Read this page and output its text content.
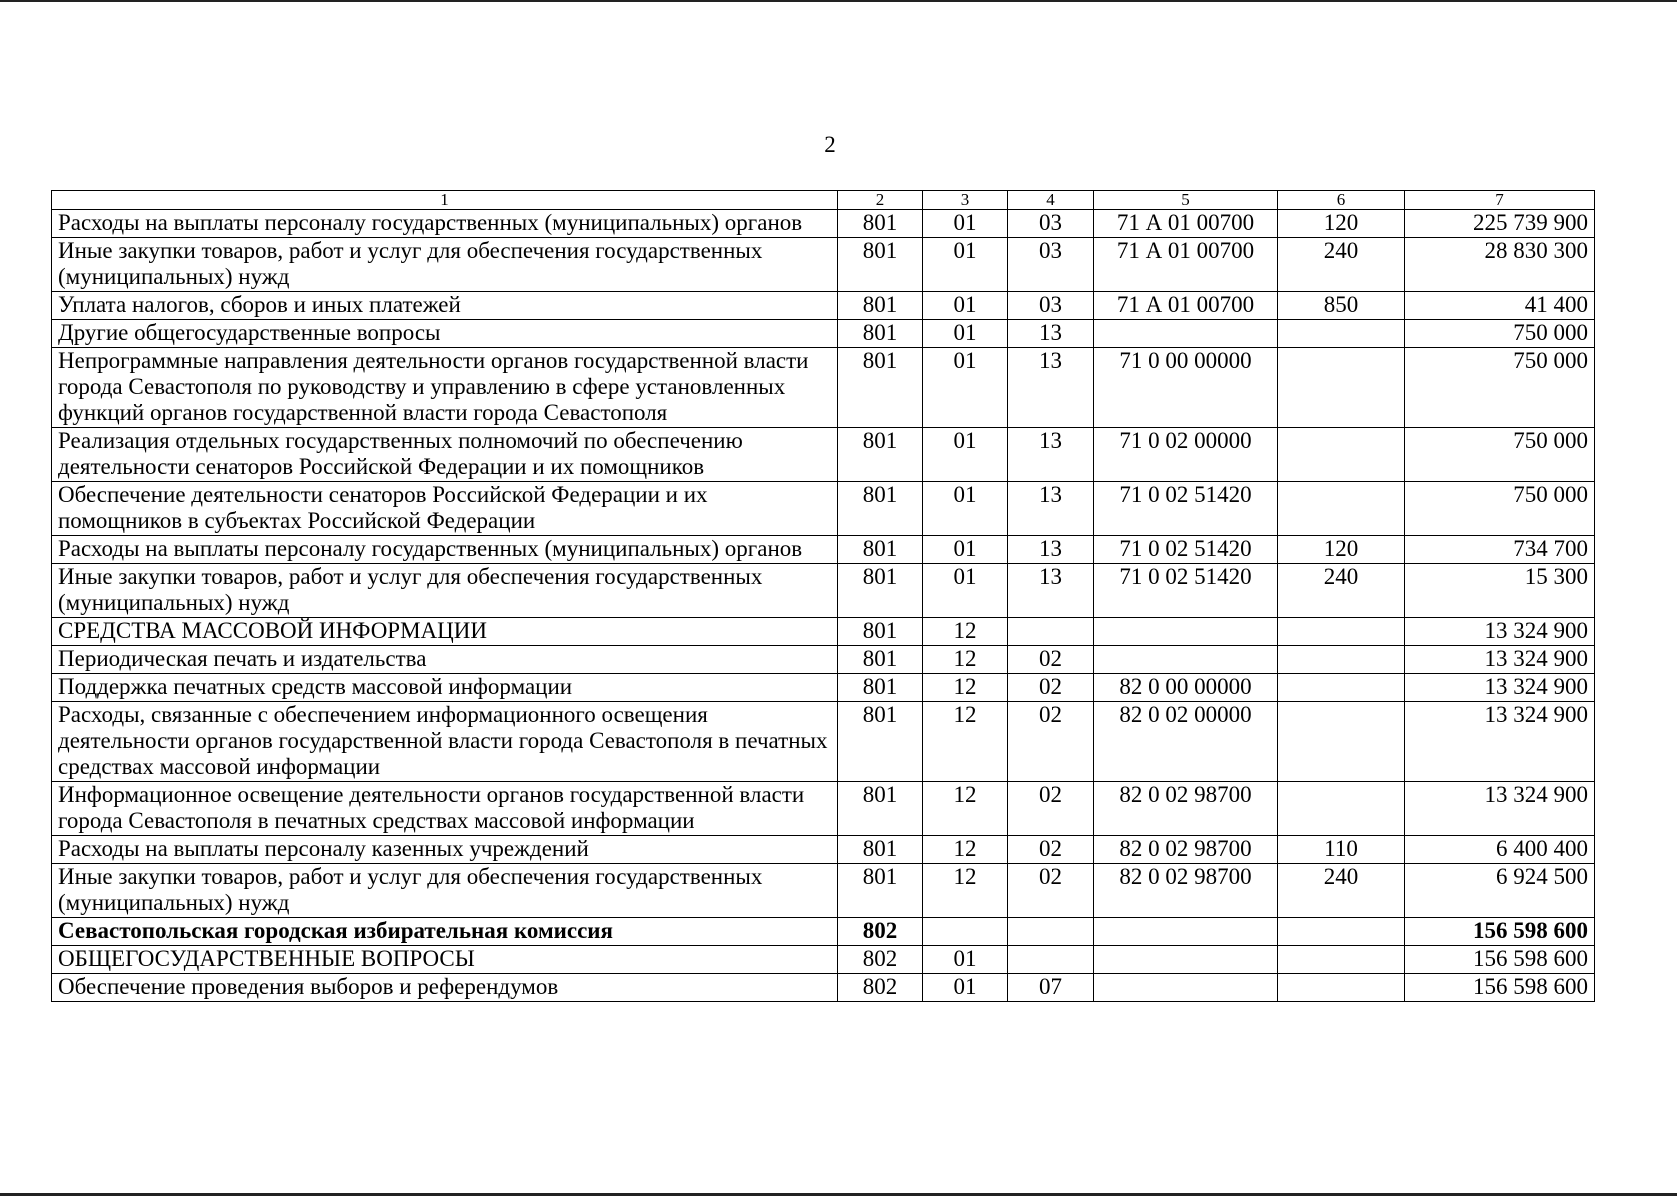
2
1	2	3	4	5	6	7
Расходы на выплаты персоналу государственных (муниципальных) органов	801	01	03	71 А 01 00700	120	225 739 900
Иные закупки товаров, работ и услуг для обеспечения государственных (муниципальных) нужд	801	01	03	71 А 01 00700	240	28 830 300
Уплата налогов, сборов и иных платежей	801	01	03	71 А 01 00700	850	41 400
Другие общегосударственные вопросы	801	01	13			750 000
Непрограммные направления деятельности органов государственной власти города Севастополя по руководству и управлению в сфере установленных функций органов государственной власти города Севастополя	801	01	13	71 0 00 00000		750 000
Реализация отдельных государственных полномочий по обеспечению деятельности сенаторов Российской Федерации и их помощников	801	01	13	71 0 02 00000		750 000
Обеспечение деятельности сенаторов Российской Федерации и их помощников в субъектах Российской Федерации	801	01	13	71 0 02 51420		750 000
Расходы на выплаты персоналу государственных (муниципальных) органов	801	01	13	71 0 02 51420	120	734 700
Иные закупки товаров, работ и услуг для обеспечения государственных (муниципальных) нужд	801	01	13	71 0 02 51420	240	15 300
СРЕДСТВА МАССОВОЙ ИНФОРМАЦИИ	801	12				13 324 900
Периодическая печать и издательства	801	12	02			13 324 900
Поддержка печатных средств массовой информации	801	12	02	82 0 00 00000		13 324 900
Расходы, связанные с обеспечением информационного освещения деятельности органов государственной власти города Севастополя в печатных средствах массовой информации	801	12	02	82 0 02 00000		13 324 900
Информационное освещение деятельности органов государственной власти города Севастополя в печатных средствах массовой информации	801	12	02	82 0 02 98700		13 324 900
Расходы на выплаты персоналу казенных учреждений	801	12	02	82 0 02 98700	110	6 400 400
Иные закупки товаров, работ и услуг для обеспечения государственных (муниципальных) нужд	801	12	02	82 0 02 98700	240	6 924 500
Севастопольская городская избирательная комиссия	802					156 598 600
ОБЩЕГОСУДАРСТВЕННЫЕ ВОПРОСЫ	802	01				156 598 600
Обеспечение проведения выборов и референдумов	802	01	07			156 598 600
